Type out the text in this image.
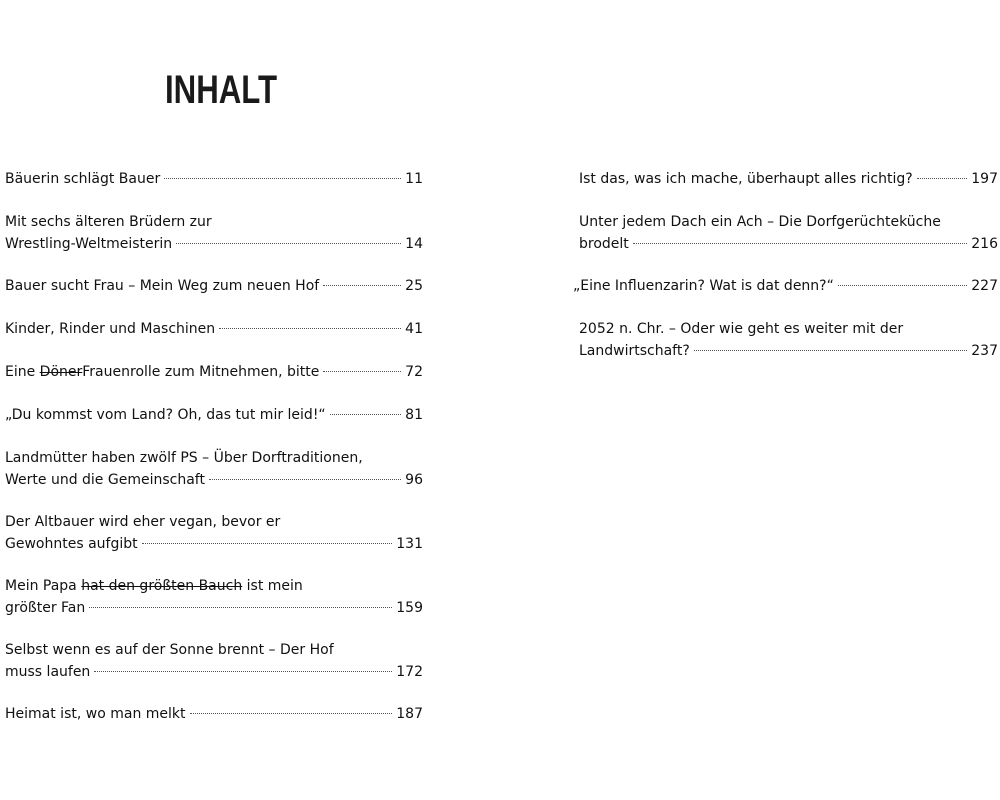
INHALT
Bäuerin schlägt Bauer	11
Mit sechs älteren Brüdern zur
Wrestling-Weltmeisterin	14
Bauer sucht Frau – Mein Weg zum neuen Hof	25
Kinder, Rinder und Maschinen	41
Eine DönerFrauenrolle zum Mitnehmen, bitte	72
„Du kommst vom Land? Oh, das tut mir leid!“	81
Landmütter haben zwölf PS – Über Dorftraditionen,
Werte und die Gemeinschaft	96
Der Altbauer wird eher vegan, bevor er
Gewohntes aufgibt	131
Mein Papa hat den größten Bauch ist mein
größter Fan	159
Selbst wenn es auf der Sonne brennt – Der Hof
muss laufen	172
Heimat ist, wo man melkt	187
Ist das, was ich mache, überhaupt alles richtig?	197
Unter jedem Dach ein Ach – Die Dorfgerüchteküche
brodelt	216
„Eine Influenzarin? Wat is dat denn?“	227
2052 n. Chr. – Oder wie geht es weiter mit der
Landwirtschaft?	237
